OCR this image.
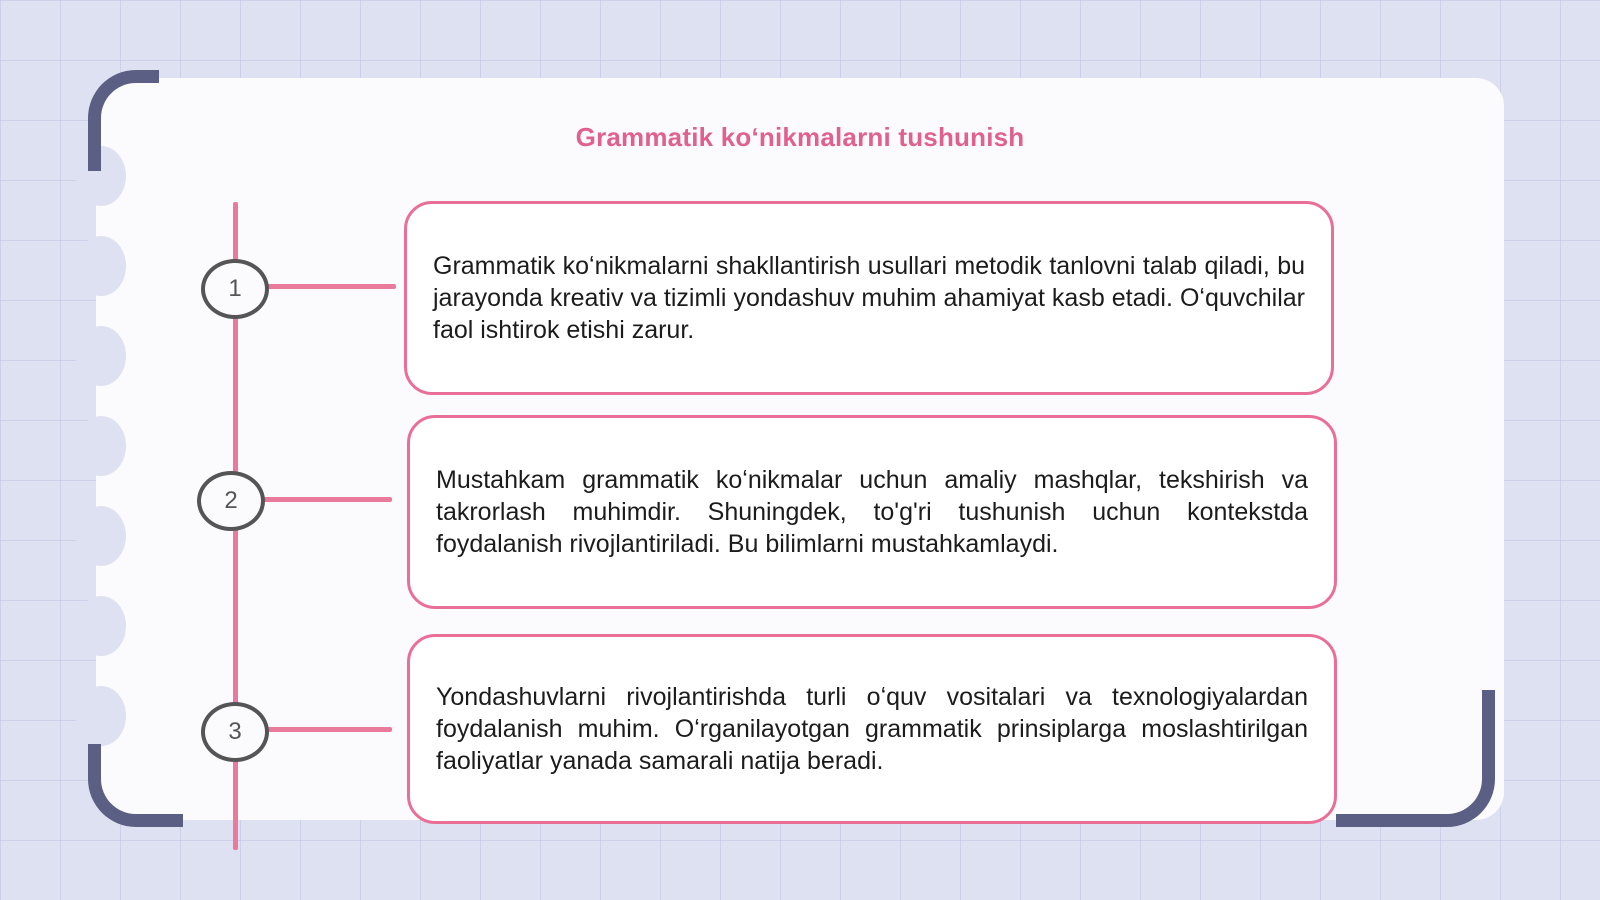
Grammatik koʻnikmalarni tushunish
1
Grammatik koʻnikmalarni shakllantirish usullari metodik tanlovni talab qiladi, bu jarayonda kreativ va tizimli yondashuv muhim ahamiyat kasb etadi. Oʻquvchilar faol ishtirok etishi zarur.
2
Mustahkam grammatik koʻnikmalar uchun amaliy mashqlar, tekshirish va takrorlash muhimdir. Shuningdek, to'g'ri tushunish uchun kontekstda foydalanish rivojlantiriladi. Bu bilimlarni mustahkamlaydi.
3
Yondashuvlarni rivojlantirishda turli oʻquv vositalari va texnologiyalardan foydalanish muhim. Oʻrganilayotgan grammatik prinsiplarga moslashtirilgan faoliyatlar yanada samarali natija beradi.
